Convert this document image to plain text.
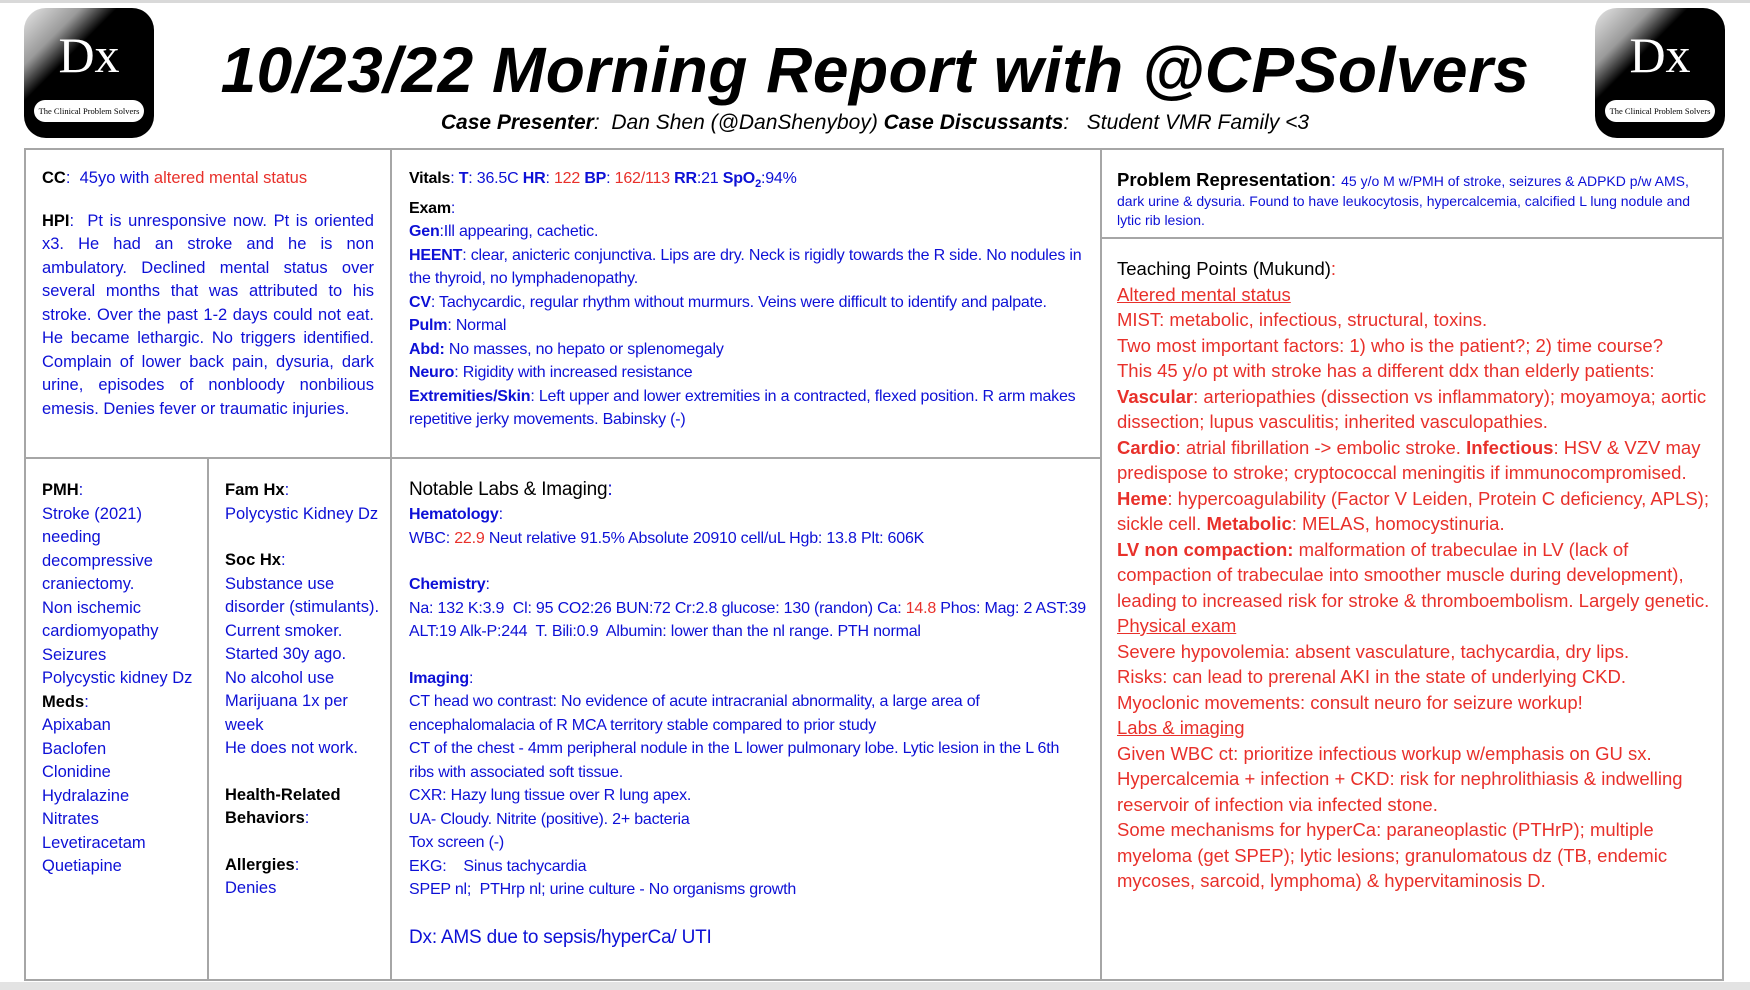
Dx
The Clinical Problem Solvers
Dx
The Clinical Problem Solvers
10/23/22 Morning Report with @CPSolvers
Case Presenter:  Dan Shen (@DanShenyboy) Case Discussants:   Student VMR Family <3
CC:  45yo with altered mental status
HPI:  Pt is unresponsive now. Pt is oriented x3. He had an stroke and he is non ambulatory. Declined mental status over several months that was attributed to his stroke. Over the past 1-2 days could not eat. He became lethargic. No triggers identified. Complain of lower back pain, dysuria, dark urine, episodes of nonbloody nonbilious emesis. Denies fever or traumatic injuries.
PMH:
Stroke (2021) needing decompressive craniectomy.
Non ischemic cardiomyopathy
Seizures
Polycystic kidney Dz
Meds:
Apixaban
Baclofen
Clonidine
Hydralazine
Nitrates
Levetiracetam
Quetiapine
Fam Hx:
Polycystic Kidney Dz
Soc Hx:
Substance use disorder (stimulants).
Current smoker. Started 30y ago.
No alcohol use
Marijuana 1x per week
He does not work.
Health-Related Behaviors:
Allergies:
Denies
Vitals: T: 36.5C HR: 122 BP: 162/113 RR:21 SpO$_2$:94%
Exam:
Gen:Ill appearing, cachetic.
HEENT: clear, anicteric conjunctiva. Lips are dry. Neck is rigidly towards the R side. No nodules in the thyroid, no lymphadenopathy.
CV: Tachycardic, regular rhythm without murmurs. Veins were difficult to identify and palpate.
Pulm: Normal
Abd: No masses, no hepato or splenomegaly
Neuro: Rigidity with increased resistance
Extremities/Skin: Left upper and lower extremities in a contracted, flexed position. R arm makes repetitive jerky movements. Babinsky (-)
Notable Labs & Imaging:
Hematology:
WBC: 22.9 Neut relative 91.5% Absolute 20910 cell/uL Hgb: 13.8 Plt: 606K
Chemistry:
Na: 132 K:3.9  Cl: 95 CO2:26 BUN:72 Cr:2.8 glucose: 130 (randon) Ca: 14.8 Phos: Mag: 2 AST:39 ALT:19 Alk-P:244  T. Bili:0.9  Albumin: lower than the nl range. PTH normal
Imaging:
CT head wo contrast: No evidence of acute intracranial abnormality, a large area of encephalomalacia of R MCA territory stable compared to prior study
CT of the chest - 4mm peripheral nodule in the L lower pulmonary lobe. Lytic lesion in the L 6th ribs with associated soft tissue.
CXR: Hazy lung tissue over R lung apex.
UA- Cloudy. Nitrite (positive). 2+ bacteria
Tox screen (-)
EKG:    Sinus tachycardia
SPEP nl;  PTHrp nl; urine culture - No organisms growth
Dx: AMS due to sepsis/hyperCa/ UTI
Problem Representation: 45 y/o M w/PMH of stroke, seizures & ADPKD p/w AMS, dark urine & dysuria. Found to have leukocytosis, hypercalcemia, calcified L lung nodule and lytic rib lesion.
Teaching Points (Mukund):
Altered mental status
MIST: metabolic, infectious, structural, toxins.
Two most important factors: 1) who is the patient?; 2) time course?
This 45 y/o pt with stroke has a different ddx than elderly patients:
Vascular: arteriopathies (dissection vs inflammatory); moyamoya; aortic dissection; lupus vasculitis; inherited vasculopathies.
Cardio: atrial fibrillation -> embolic stroke. Infectious: HSV & VZV may predispose to stroke; cryptococcal meningitis if immunocompromised. Heme: hypercoagulability (Factor V Leiden, Protein C deficiency, APLS); sickle cell. Metabolic: MELAS, homocystinuria.
LV non compaction: malformation of trabeculae in LV (lack of compaction of trabeculae into smoother muscle during development), leading to increased risk for stroke & thromboembolism. Largely genetic.
Physical exam
Severe hypovolemia: absent vasculature, tachycardia, dry lips.
Risks: can lead to prerenal AKI in the state of underlying CKD.
Myoclonic movements: consult neuro for seizure workup!
Labs & imaging
Given WBC ct: prioritize infectious workup w/emphasis on GU sx.
Hypercalcemia + infection + CKD: risk for nephrolithiasis & indwelling reservoir of infection via infected stone.
Some mechanisms for hyperCa: paraneoplastic (PTHrP); multiple myeloma (get SPEP); lytic lesions; granulomatous dz (TB, endemic mycoses, sarcoid, lymphoma) & hypervitaminosis D.
